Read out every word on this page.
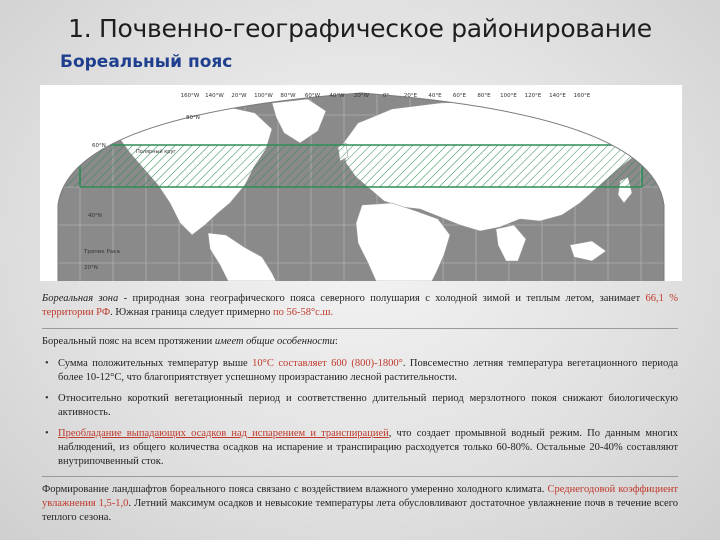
1. Почвенно-географическое районирование
Бореальный пояс
160°W 140°W 20°W 100°W 80°W 60°W 40°W 20°W	0°	20°E 40°E 60°E 80°E 100°E 120°E 140°E 160°E
80°N
60°N
40°N
Тропик Рака
20°N
Полярный круг

Бореальная зона - природная зона географического пояса северного полушария с холодной зимой и теплым летом, занимает 66,1 % территории РФ. Южная граница следует примерно по 56-58°с.ш.

Бореальный пояс на всем протяжении имеет общие особенности:

• Сумма положительных температур выше 10°С составляет 600 (800)-1800°. Повсеместно летняя температура вегетационного периода более 10-12°С, что благоприятствует успешному произрастанию лесной растительности.
• Относительно короткий вегетационный период и соответственно длительный период мерзлотного покоя снижают биологическую активность.
• Преобладание выпадающих осадков над испарением и транспирацией, что создает промывной водный режим. По данным многих наблюдений, из общего количества осадков на испарение и транспирацию расходуется только 60-80%. Остальные 20-40% составляют внутрипочвенный сток.

Формирование ландшафтов бореального пояса связано с воздействием влажного умеренно холодного климата. Среднегодовой коэффициент увлажнения 1,5-1,0. Летний максимум осадков и невысокие температуры лета обусловливают достаточное увлажнение почв в течение всего теплого сезона.
